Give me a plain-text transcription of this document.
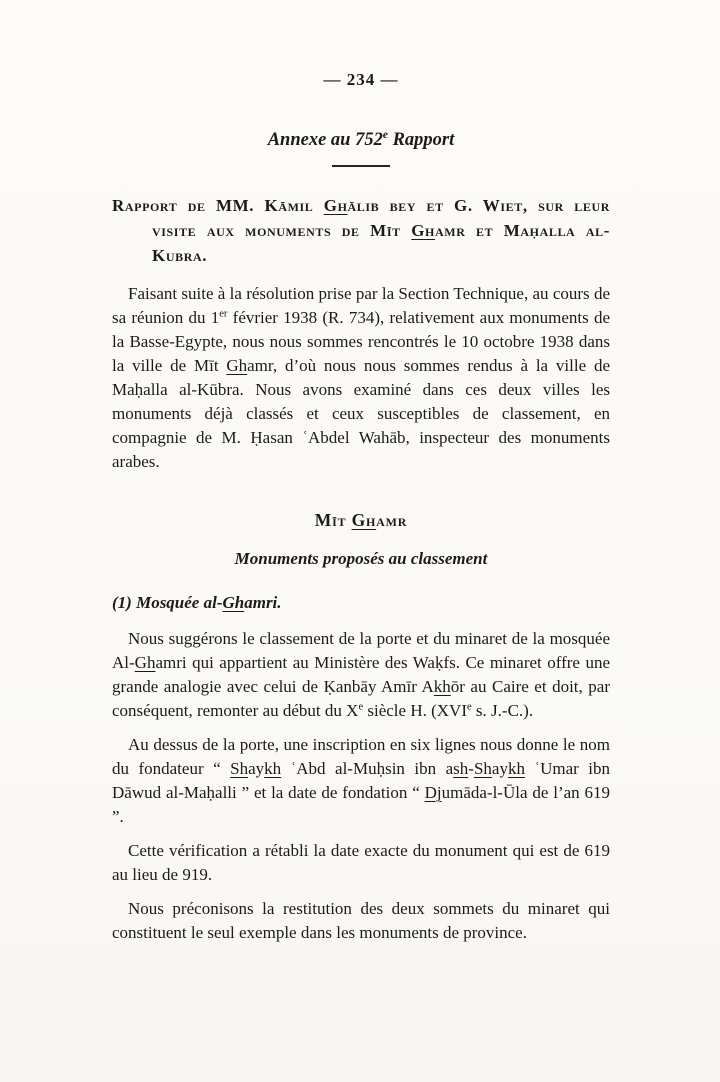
— 234 —
Annexe au 752e Rapport
Rapport de MM. Kāmil Ghālib bey et G. Wiet, sur leur visite aux monuments de Mīt Ghamr et Maḥalla al-Kubra.

Faisant suite à la résolution prise par la Section Technique, au cours de sa réunion du 1er février 1938 (R. 734), relativement aux monuments de la Basse-Egypte, nous nous sommes rencontrés le 10 octobre 1938 dans la ville de Mīt Ghamr, d’où nous nous sommes rendus à la ville de Maḥalla al-Kūbra. Nous avons examiné dans ces deux villes les monuments déjà classés et ceux susceptibles de classement, en compagnie de M. Ḥasan ʿAbdel Wahāb, inspecteur des monuments arabes.

Mīt Ghamr
Monuments proposés au classement
(1) Mosquée al-Ghamri.

Nous suggérons le classement de la porte et du minaret de la mosquée Al-Ghamri qui appartient au Ministère des Waḳfs. Ce minaret offre une grande analogie avec celui de Ḳanbāy Amīr Akhōr au Caire et doit, par conséquent, remonter au début du Xe siècle H. (XVIe s. J.-C.).

Au dessus de la porte, une inscription en six lignes nous donne le nom du fondateur “ Shaykh ʿAbd al-Muḥsin ibn ash-Shaykh ʿUmar ibn Dāwud al-Maḥalli ” et la date de fondation “ Djumāda-l-Ūla de l’an 619 ”.

Cette vérification a rétabli la date exacte du monument qui est de 619 au lieu de 919.

Nous préconisons la restitution des deux sommets du minaret qui constituent le seul exemple dans les monuments de province.
